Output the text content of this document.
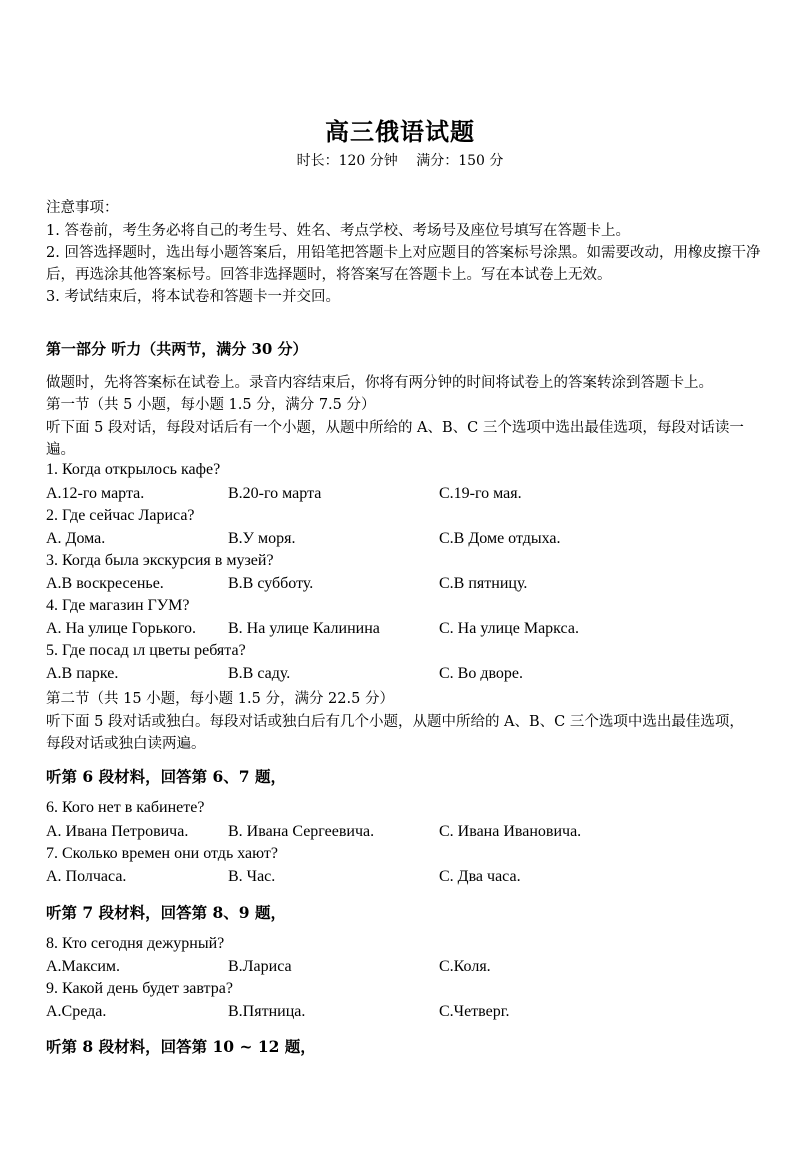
高三俄语试题
时长：120 分钟　 满分：150 分
注意事项：
1. 答卷前，考生务必将自己的考生号、姓名、考点学校、考场号及座位号填写在答题卡上。
2. 回答选择题时，选出每小题答案后，用铅笔把答题卡上对应题目的答案标号涂黑。如需要改动，用橡皮擦干净
后，再选涂其他答案标号。回答非选择题时，将答案写在答题卡上。写在本试卷上无效。
3. 考试结束后，将本试卷和答题卡一并交回。
第一部分 听力（共两节，满分 30 分）
做题时，先将答案标在试卷上。录音内容结束后，你将有两分钟的时间将试卷上的答案转涂到答题卡上。
第一节（共 5 小题，每小题 1.5 分，满分 7.5 分）
听下面 5 段对话，每段对话后有一个小题，从题中所给的 A、B、C 三个选项中选出最佳选项，每段对话读一
遍。
1. Когда открылось кафе?
A.12-го марта.	B.20-го марта	C.19-го мая.
2. Где сейчас Лариса?
A. Дома.	B.У моря.	C.В Доме отдыха.
3. Когда была экскурсия в музей?
A.В воскресенье.	B.В субботу.	C.В пятницу.
4. Где магазин ГУМ?
A. На улице Горького. B. На улице Калинина	C. На улице Маркса.
5. Где посад ıл цветы ребята?
A.В парке.	B.В саду.	C. Во дворе.
第二节（共 15 小题，每小题 1.5 分，满分 22.5 分）
听下面 5 段对话或独白。每段对话或独白后有几个小题，从题中所给的 A、B、C 三个选项中选出最佳选项，
每段对话或独白读两遍。
听第 6 段材料，回答第 6、7 题，
6. Кого нет в кабинете?
A. Ивана Петровича. B. Ивана Сергеевича.	C. Ивана Ивановича.
7. Сколько времен они отдь хают?
A. Полчаса.	B. Час.	C. Два часа.
听第 7 段材料，回答第 8、9 题，
8. Кто сегодня дежурный?
A.Максим.	B.Лариса	C.Коля.
9. Какой день будет завтра?
A.Среда.	B.Пятница.	C.Четверг.
听第 8 段材料，回答第 10 ~ 12 题，
